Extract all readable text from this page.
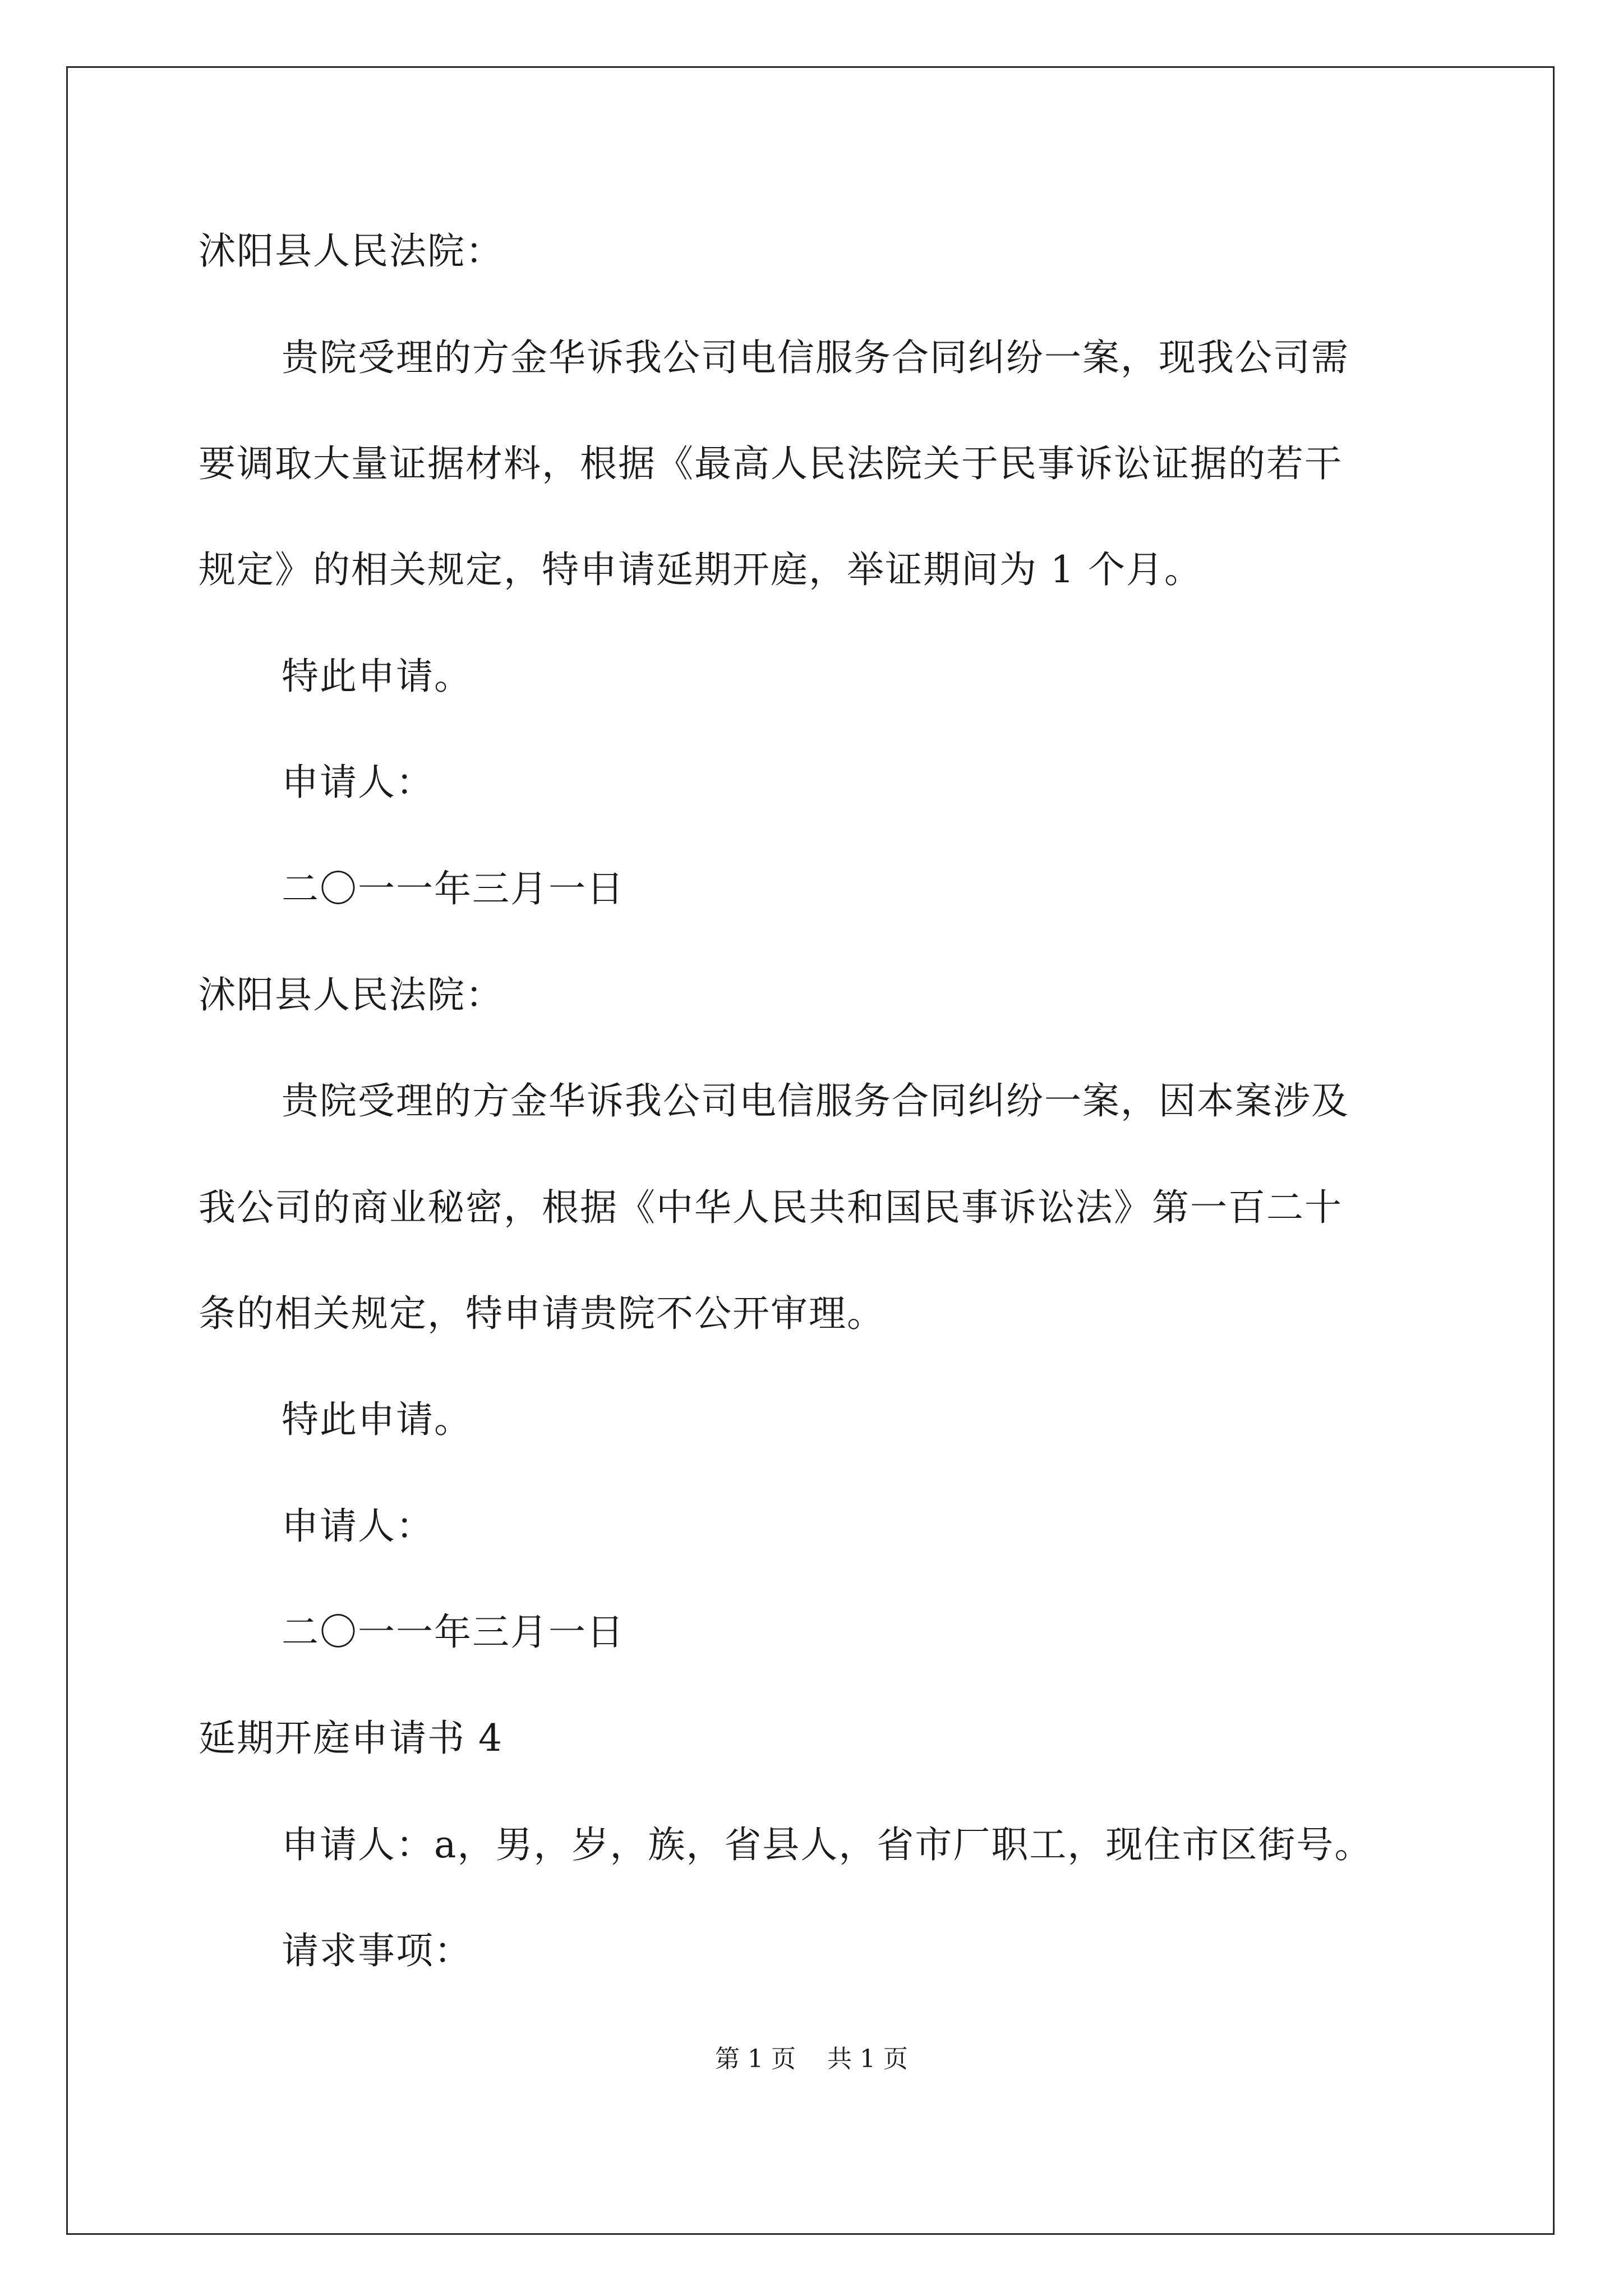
沭阳县人民法院：
贵院受理的方金华诉我公司电信服务合同纠纷一案，现我公司需
要调取大量证据材料，根据《最高人民法院关于民事诉讼证据的若干
规定》的相关规定，特申请延期开庭，举证期间为 1 个月。
特此申请。
申请人：
二〇一一年三月一日
沭阳县人民法院：
贵院受理的方金华诉我公司电信服务合同纠纷一案，因本案涉及
我公司的商业秘密，根据《中华人民共和国民事诉讼法》第一百二十
条的相关规定，特申请贵院不公开审理。
特此申请。
申请人：
二〇一一年三月一日
延期开庭申请书 4
申请人：a，男，岁，族，省县人，省市厂职工，现住市区街号。
请求事项：
第 1 页    共 1 页
